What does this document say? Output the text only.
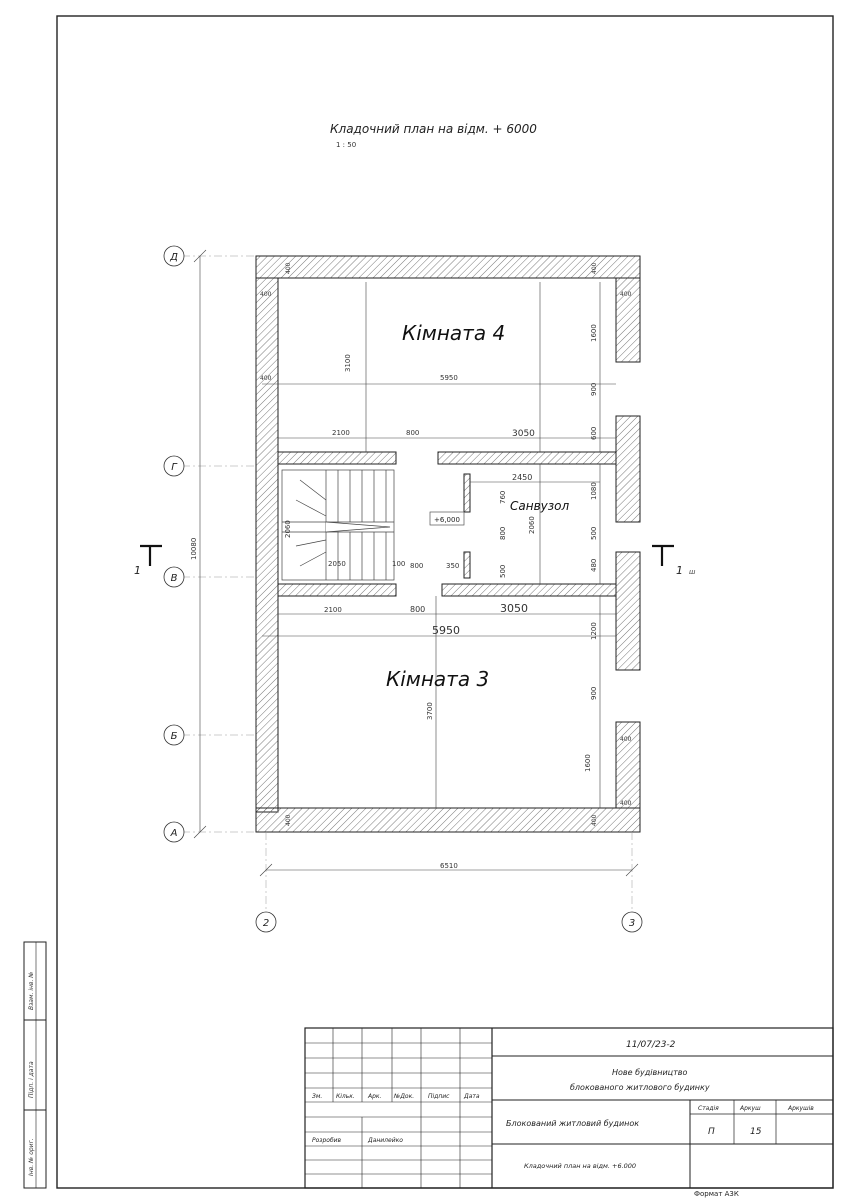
Кладочний план на відм. + 6000
1 : 50
Д
Г
В
Б
А
2	3
1	1 ш
Кімната 4
Кімната 3
Санвузол
+6,000
10080
6510
5950
5950
3100
3700
2100	800	3050
2100	800	3050
2450
760
2060
2060
2050	100 800	350	500
800
1600
900
600
1080
500
480
1200
900
1600
400	400
400
400
400
400
400
400	400
Взам. інв. №
Підп. і дата
Інв. № ориг.
11/07/23-2
Нове будівництво
блокованого житлового будинку
Зм. Кільк. Арк. №Док. Підпис Дата
Розробив	Данилейко
Блокований житловий будинок
Кладочний план на відм. +6.000
Стадія	Аркуш	Аркушів
П	15
Формат А3К
